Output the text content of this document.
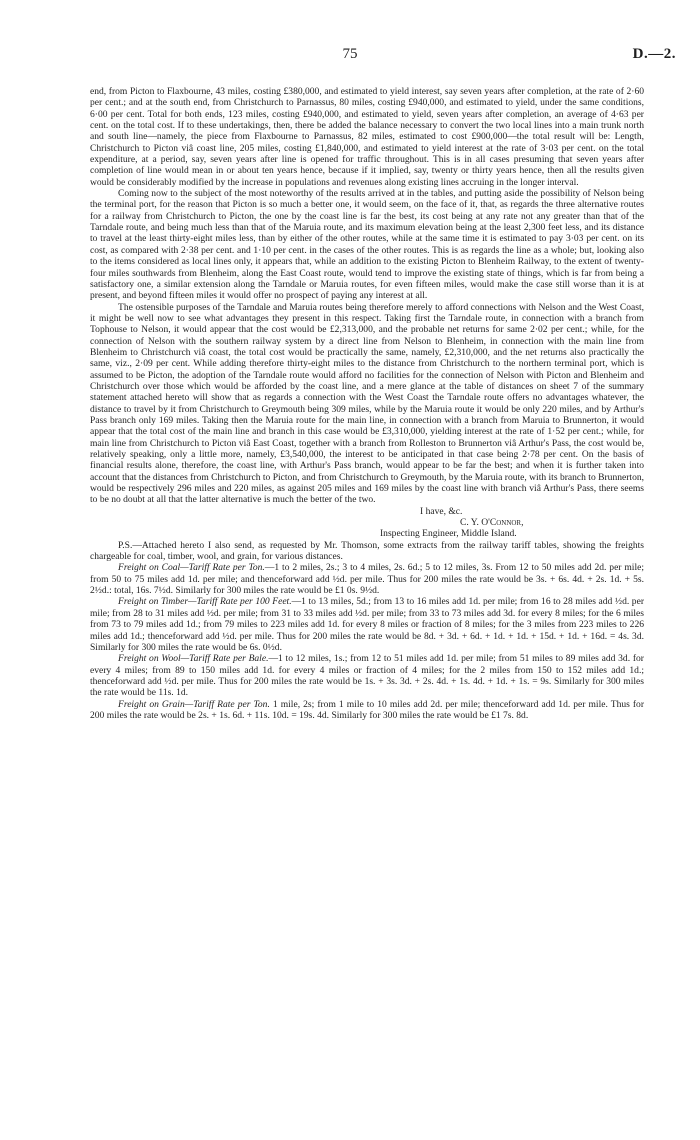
75	D.—2.

end, from Picton to Flaxbourne, 43 miles, costing £380,000, and estimated to yield interest, say seven years after completion, at the rate of 2·60 per cent.; and at the south end, from Christchurch to Parnassus, 80 miles, costing £940,000, and estimated to yield, under the same conditions, 6·00 per cent. Total for both ends, 123 miles, costing £940,000, and estimated to yield, seven years after completion, an average of 4·63 per cent. on the total cost. If to these undertakings, then, there be added the balance necessary to convert the two local lines into a main trunk north and south line—namely, the piece from Flaxbourne to Parnassus, 82 miles, estimated to cost £900,000—the total result will be: Length, Christchurch to Picton viâ coast line, 205 miles, costing £1,840,000, and estimated to yield interest at the rate of 3·03 per cent. on the total expenditure, at a period, say, seven years after line is opened for traffic throughout. This is in all cases presuming that seven years after completion of line would mean in or about ten years hence, because if it implied, say, twenty or thirty years hence, then all the results given would be considerably modified by the increase in populations and revenues along existing lines accruing in the longer interval.

Coming now to the subject of the most noteworthy of the results arrived at in the tables, and putting aside the possibility of Nelson being the terminal port, for the reason that Picton is so much a better one, it would seem, on the face of it, that, as regards the three alternative routes for a railway from Christchurch to Picton, the one by the coast line is far the best, its cost being at any rate not any greater than that of the Tarndale route, and being much less than that of the Maruia route, and its maximum elevation being at the least 2,300 feet less, and its distance to travel at the least thirty-eight miles less, than by either of the other routes, while at the same time it is estimated to pay 3·03 per cent. on its cost, as compared with 2·38 per cent. and 1·10 per cent. in the cases of the other routes. This is as regards the line as a whole; but, looking also to the items considered as local lines only, it appears that, while an addition to the existing Picton to Blenheim Railway, to the extent of twenty-four miles southwards from Blenheim, along the East Coast route, would tend to improve the existing state of things, which is far from being a satisfactory one, a similar extension along the Tarndale or Maruia routes, for even fifteen miles, would make the case still worse than it is at present, and beyond fifteen miles it would offer no prospect of paying any interest at all.

The ostensible purposes of the Tarndale and Maruia routes being therefore merely to afford connections with Nelson and the West Coast, it might be well now to see what advantages they present in this respect. Taking first the Tarndale route, in connection with a branch from Tophouse to Nelson, it would appear that the cost would be £2,313,000, and the probable net returns for same 2·02 per cent.; while, for the connection of Nelson with the southern railway system by a direct line from Nelson to Blenheim, in connection with the main line from Blenheim to Christchurch viâ coast, the total cost would be practically the same, namely, £2,310,000, and the net returns also practically the same, viz., 2·09 per cent. While adding therefore thirty-eight miles to the distance from Christchurch to the northern terminal port, which is assumed to be Picton, the adoption of the Tarndale route would afford no facilities for the connection of Nelson with Picton and Blenheim and Christchurch over those which would be afforded by the coast line, and a mere glance at the table of distances on sheet 7 of the summary statement attached hereto will show that as regards a connection with the West Coast the Tarndale route offers no advantages whatever, the distance to travel by it from Christchurch to Greymouth being 309 miles, while by the Maruia route it would be only 220 miles, and by Arthur's Pass branch only 169 miles. Taking then the Maruia route for the main line, in connection with a branch from Maruia to Brunnerton, it would appear that the total cost of the main line and branch in this case would be £3,310,000, yielding interest at the rate of 1·52 per cent.; while, for main line from Christchurch to Picton viâ East Coast, together with a branch from Rolleston to Brunnerton viâ Arthur's Pass, the cost would be, relatively speaking, only a little more, namely, £3,540,000, the interest to be anticipated in that case being 2·78 per cent. On the basis of financial results alone, therefore, the coast line, with Arthur's Pass branch, would appear to be far the best; and when it is further taken into account that the distances from Christchurch to Picton, and from Christchurch to Greymouth, by the Maruia route, with its branch to Brunnerton, would be respectively 296 miles and 220 miles, as against 205 miles and 169 miles by the coast line with branch viâ Arthur's Pass, there seems to be no doubt at all that the latter alternative is much the better of the two.

I have, &c.

C. Y. O'Connor,

Inspecting Engineer, Middle Island.

P.S.—Attached hereto I also send, as requested by Mr. Thomson, some extracts from the railway tariff tables, showing the freights chargeable for coal, timber, wool, and grain, for various distances.

Freight on Coal—Tariff Rate per Ton.—1 to 2 miles, 2s.; 3 to 4 miles, 2s. 6d.; 5 to 12 miles, 3s. From 12 to 50 miles add 2d. per mile; from 50 to 75 miles add 1d. per mile; and thenceforward add ½d. per mile. Thus for 200 miles the rate would be 3s. + 6s. 4d. + 2s. 1d. + 5s. 2½d.: total, 16s. 7½d. Similarly for 300 miles the rate would be £1 0s. 9½d.

Freight on Timber—Tariff Rate per 100 Feet.—1 to 13 miles, 5d.; from 13 to 16 miles add 1d. per mile; from 16 to 28 miles add ½d. per mile; from 28 to 31 miles add ½d. per mile; from 31 to 33 miles add ½d. per mile; from 33 to 73 miles add 3d. for every 8 miles; for the 6 miles from 73 to 79 miles add 1d.; from 79 miles to 223 miles add 1d. for every 8 miles or fraction of 8 miles; for the 3 miles from 223 miles to 226 miles add 1d.; thenceforward add ½d. per mile. Thus for 200 miles the rate would be 8d. + 3d. + 6d. + 1d. + 1d. + 15d. + 1d. + 16d. = 4s. 3d. Similarly for 300 miles the rate would be 6s. 0½d.

Freight on Wool—Tariff Rate per Bale.—1 to 12 miles, 1s.; from 12 to 51 miles add 1d. per mile; from 51 miles to 89 miles add 3d. for every 4 miles; from 89 to 150 miles add 1d. for every 4 miles or fraction of 4 miles; for the 2 miles from 150 to 152 miles add 1d.; thenceforward add ½d. per mile. Thus for 200 miles the rate would be 1s. + 3s. 3d. + 2s. 4d. + 1s. 4d. + 1d. + 1s. = 9s. Similarly for 300 miles the rate would be 11s. 1d.

Freight on Grain—Tariff Rate per Ton. 1 mile, 2s; from 1 mile to 10 miles add 2d. per mile; thenceforward add 1d. per mile. Thus for 200 miles the rate would be 2s. + 1s. 6d. + 11s. 10d. = 19s. 4d. Similarly for 300 miles the rate would be £1 7s. 8d.
